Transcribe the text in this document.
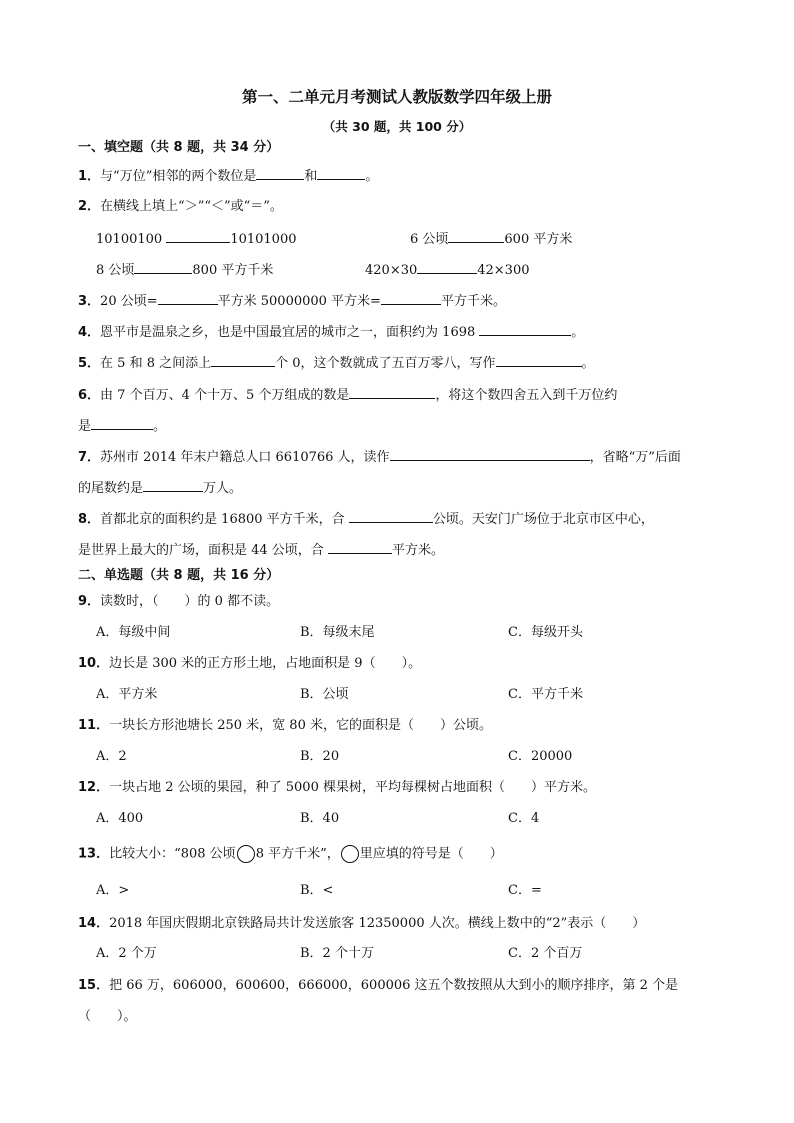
第一、二单元月考测试人教版数学四年级上册
（共 30 题，共 100 分）
一、填空题（共 8 题，共 34 分）
1．与“万位”相邻的两个数位是	和	。
2．在横线上填上“＞”“＜”或“＝”。
10100100	10101000	6 公顷	600 平方米
8 公顷	800 平方千米	420×30	42×300
3．20 公顷=	平方米 50000000 平方米=	平方千米。
4．恩平市是温泉之乡，也是中国最宜居的城市之一，面积约为 1698	。
5．在 5 和 8 之间添上	个 0，这个数就成了五百万零八，写作	。
6．由 7 个百万、4 个十万、5 个万组成的数是	，将这个数四舍五入到千万位约
是	。
7．苏州市 2014 年末户籍总人口 6610766 人，读作	，省略“万”后面
的尾数约是	万人。
8．首都北京的面积约是 16800 平方千米，合	公顷。天安门广场位于北京市区中心，
是世界上最大的广场，面积是 44 公顷，合	平方米。
二、单选题（共 8 题，共 16 分）
9．读数时，（　　）的 0 都不读。
A．每级中间	B．每级末尾	C．每级开头
10．边长是 300 米的正方形土地，占地面积是 9（　　）。
A．平方米	B．公顷	C．平方千米
11．一块长方形池塘长 250 米，宽 80 米，它的面积是（　　）公顷。
A．2	B．20	C．20000
12．一块占地 2 公顷的果园，种了 5000 棵果树，平均每棵树占地面积（　　）平方米。
A．400	B．40	C．4
13．比较大小：“808 公顷 8 平方千米”， 里应填的符号是（　　）
A．>	B．<	C．=
14．2018 年国庆假期北京铁路局共计发送旅客 12350000 人次。横线上数中的“2”表示（　　）
A．2 个万	B．2 个十万	C．2 个百万
15．把 66 万，606000，600600，666000，600006 这五个数按照从大到小的顺序排序，第 2 个是
（　　）。
